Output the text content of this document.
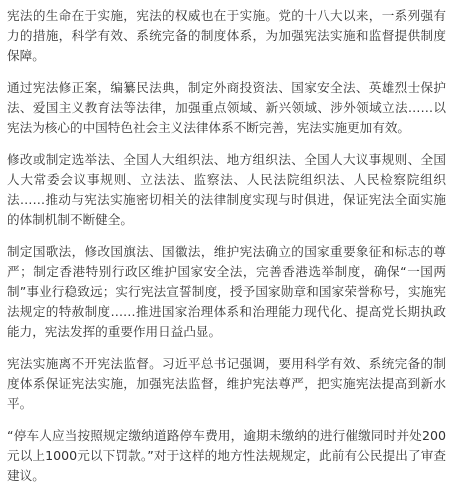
宪法的生命在于实施，宪法的权威也在于实施。党的十八大以来，一系列强有力的措施，科学有效、系统完备的制度体系，为加强宪法实施和监督提供制度保障。

通过宪法修正案，编纂民法典，制定外商投资法、国家安全法、英雄烈士保护法、爱国主义教育法等法律，加强重点领域、新兴领域、涉外领域立法……以宪法为核心的中国特色社会主义法律体系不断完善，宪法实施更加有效。

修改或制定选举法、全国人大组织法、地方组织法、全国人大议事规则、全国人大常委会议事规则、立法法、监察法、人民法院组织法、人民检察院组织法……推动与宪法实施密切相关的法律制度实现与时俱进，保证宪法全面实施的体制机制不断健全。

制定国歌法，修改国旗法、国徽法，维护宪法确立的国家重要象征和标志的尊严；制定香港特别行政区维护国家安全法，完善香港选举制度，确保“一国两制”事业行稳致远；实行宪法宣誓制度，授予国家勋章和国家荣誉称号，实施宪法规定的特赦制度……推进国家治理体系和治理能力现代化、提高党长期执政能力，宪法发挥的重要作用日益凸显。

宪法实施离不开宪法监督。习近平总书记强调，要用科学有效、系统完备的制度体系保证宪法实施，加强宪法监督，维护宪法尊严，把实施宪法提高到新水平。

“停车人应当按照规定缴纳道路停车费用，逾期未缴纳的进行催缴同时并处200元以上1000元以下罚款。”对于这样的地方性法规规定，此前有公民提出了审查建议。
